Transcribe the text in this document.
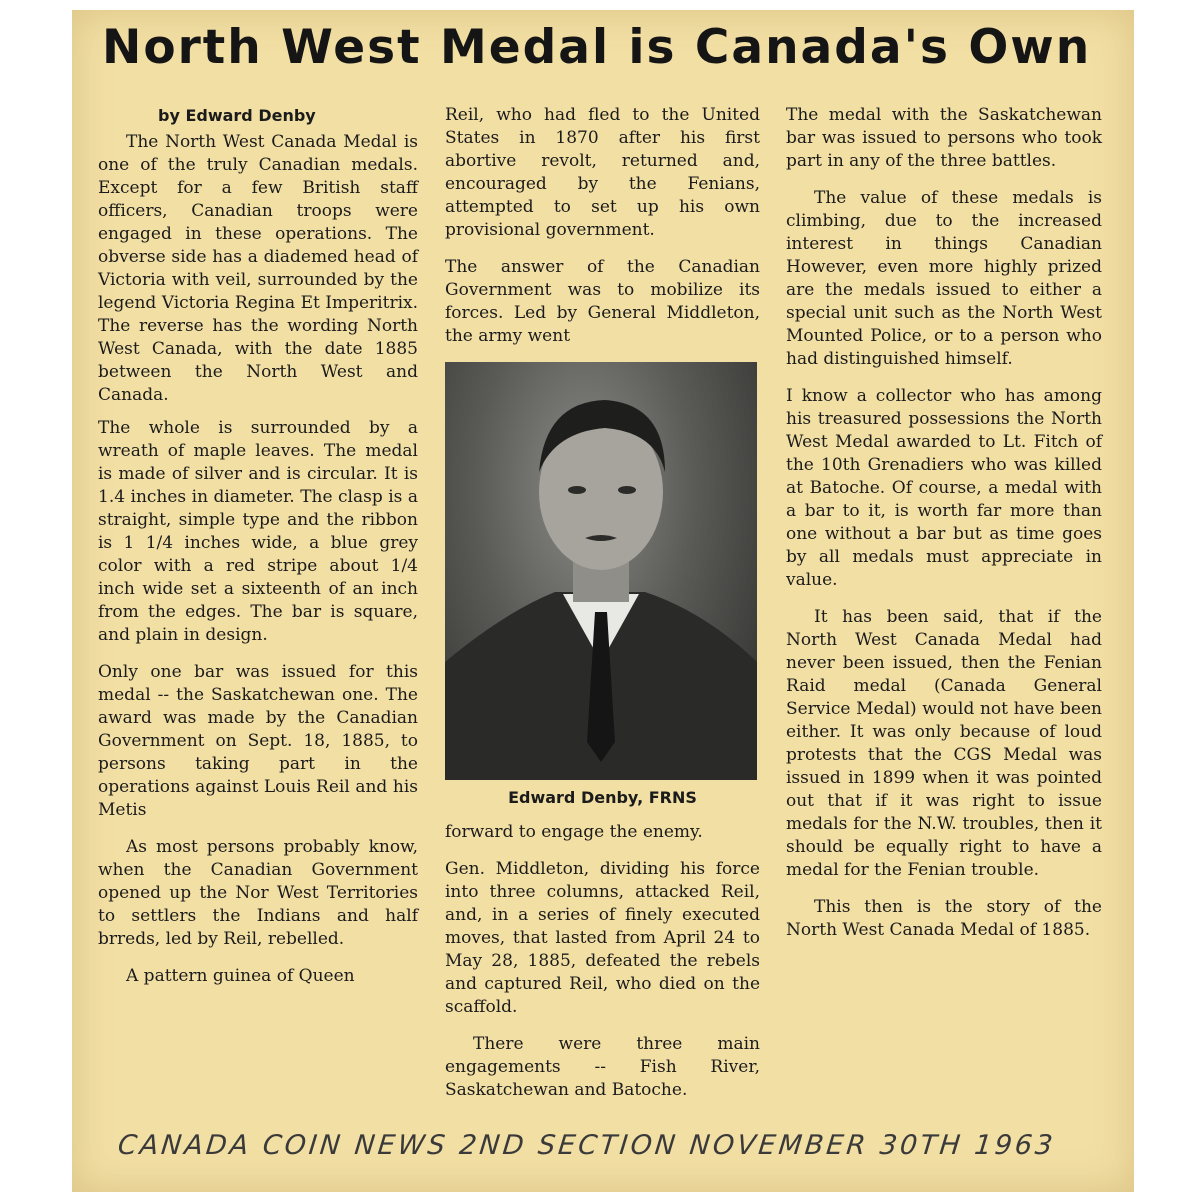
North West Medal is Canada's Own
by Edward Denby

The North West Canada Medal is one of the truly Canadian medals. Except for a few British staff officers, Canadian troops were engaged in these operations. The obverse side has a diademed head of Victoria with veil, surrounded by the legend Victoria Regina Et Imperitrix. The reverse has the wording North West Canada, with the date 1885 between the North West and Canada.

The whole is surrounded by a wreath of maple leaves. The medal is made of silver and is circular. It is 1.4 inches in diameter. The clasp is a straight, simple type and the ribbon is 1 1/4 inches wide, a blue grey color with a red stripe about 1/4 inch wide set a sixteenth of an inch from the edges. The bar is square, and plain in design.

Only one bar was issued for this medal -- the Saskatchewan one. The award was made by the Canadian Government on Sept. 18, 1885, to persons taking part in the operations against Louis Reil and his Metis

As most persons probably know, when the Canadian Government opened up the Nor West Territories to settlers the Indians and half brreds, led by Reil, rebelled.

A pattern guinea of Queen

Reil, who had fled to the United States in 1870 after his first abortive revolt, returned and, encouraged by the Fenians, attempted to set up his own provisional government.

The answer of the Canadian Government was to mobilize its forces. Led by General Middleton, the army went

Edward Denby, FRNS

forward to engage the enemy.

Gen. Middleton, dividing his force into three columns, attacked Reil, and, in a series of finely executed moves, that lasted from April 24 to May 28, 1885, defeated the rebels and captured Reil, who died on the scaffold.

There were three main engagements -- Fish River, Saskatchewan and Batoche.

The medal with the Saskatchewan bar was issued to persons who took part in any of the three battles.

The value of these medals is climbing, due to the increased interest in things Canadian However, even more highly prized are the medals issued to either a special unit such as the North West Mounted Police, or to a person who had distinguished himself.

I know a collector who has among his treasured possessions the North West Medal awarded to Lt. Fitch of the 10th Grenadiers who was killed at Batoche. Of course, a medal with a bar to it, is worth far more than one without a bar but as time goes by all medals must appreciate in value.

It has been said, that if the North West Canada Medal had never been issued, then the Fenian Raid medal (Canada General Service Medal) would not have been either. It was only because of loud protests that the CGS Medal was issued in 1899 when it was pointed out that if it was right to issue medals for the N.W. troubles, then it should be equally right to have a medal for the Fenian trouble.

This then is the story of the North West Canada Medal of 1885.

CANADA COIN NEWS 2ND SECTION NOVEMBER 30TH 1963
